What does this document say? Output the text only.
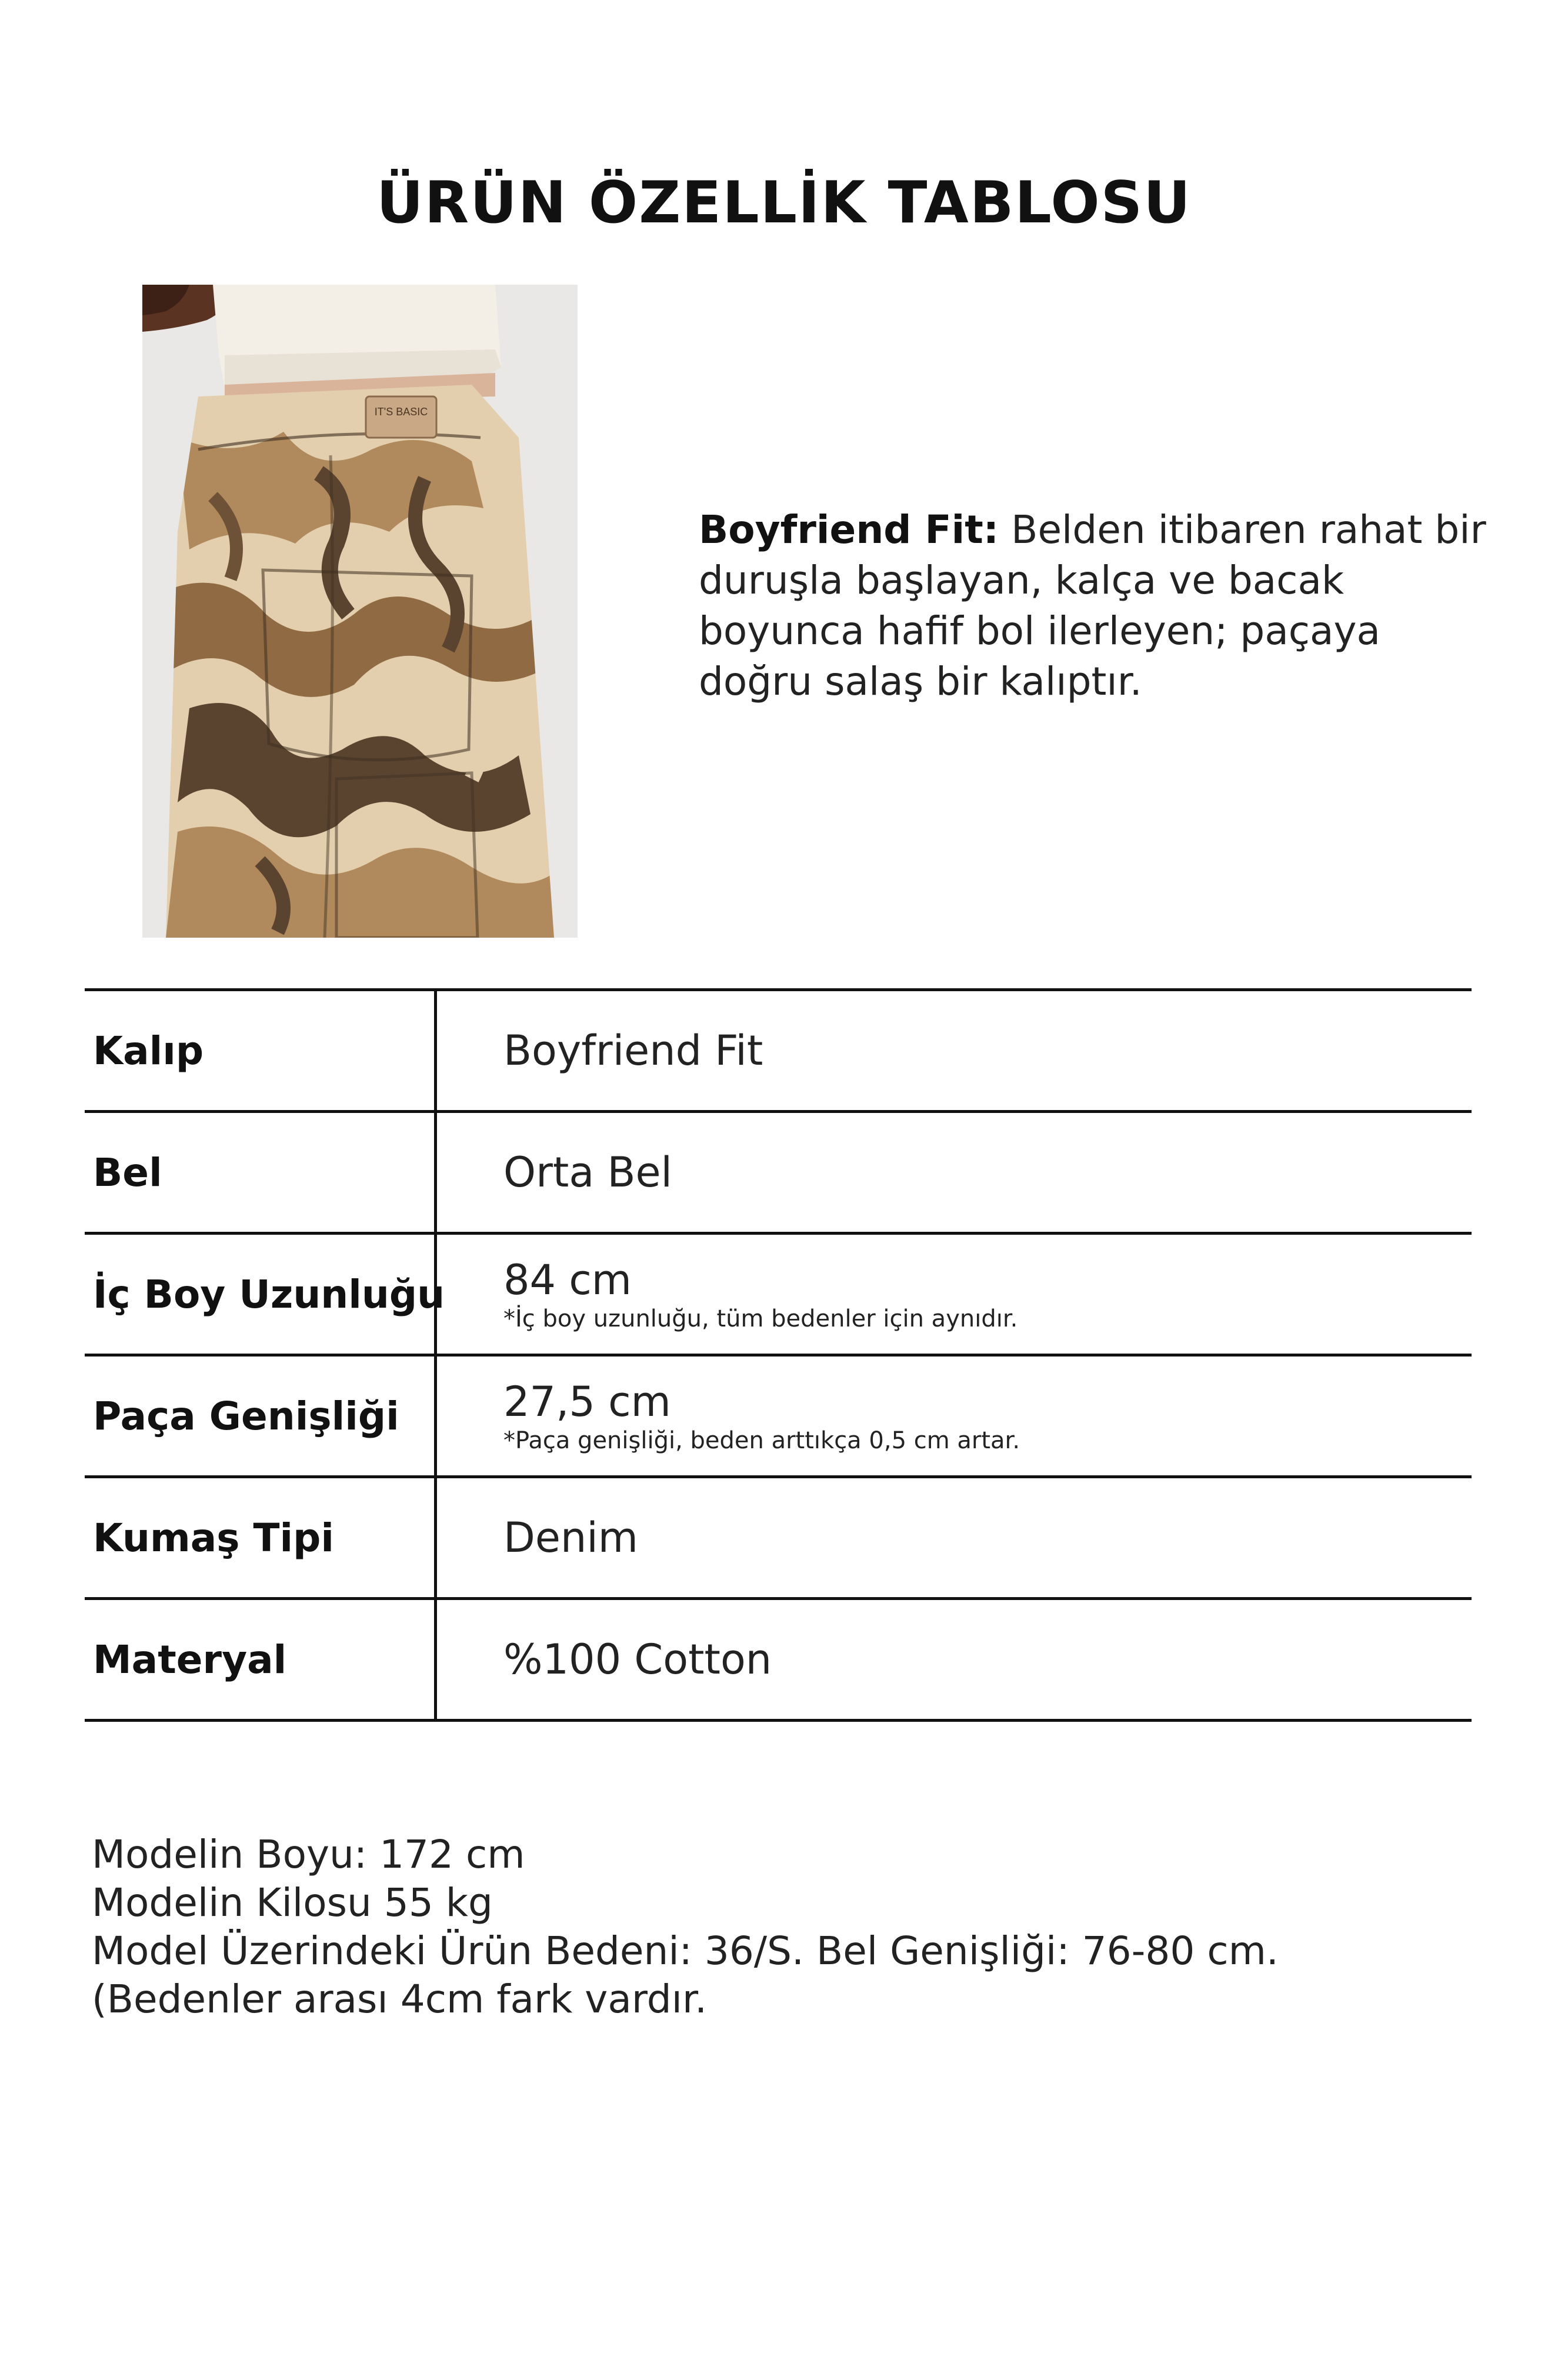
ÜRÜN ÖZELLİK TABLOSU
IT'S BASIC
Boyfriend Fit: Belden itibaren rahat bir duruşla başlayan, kalça ve bacak boyunca hafif bol ilerleyen; paçaya doğru salaş bir kalıptır.
Kalıp	Boyfriend Fit
Bel	Orta Bel
İç Boy Uzunluğu 84 cm
*İç boy uzunluğu, tüm bedenler için aynıdır.
Paça Genişliği	27,5 cm
*Paça genişliği, beden arttıkça 0,5 cm artar.
Kumaş Tipi	Denim
Materyal	%100 Cotton
Modelin Boyu: 172 cm
Modelin Kilosu 55 kg
Model Üzerindeki Ürün Bedeni: 36/S. Bel Genişliği: 76-80 cm. (Bedenler arası 4cm fark vardır.
